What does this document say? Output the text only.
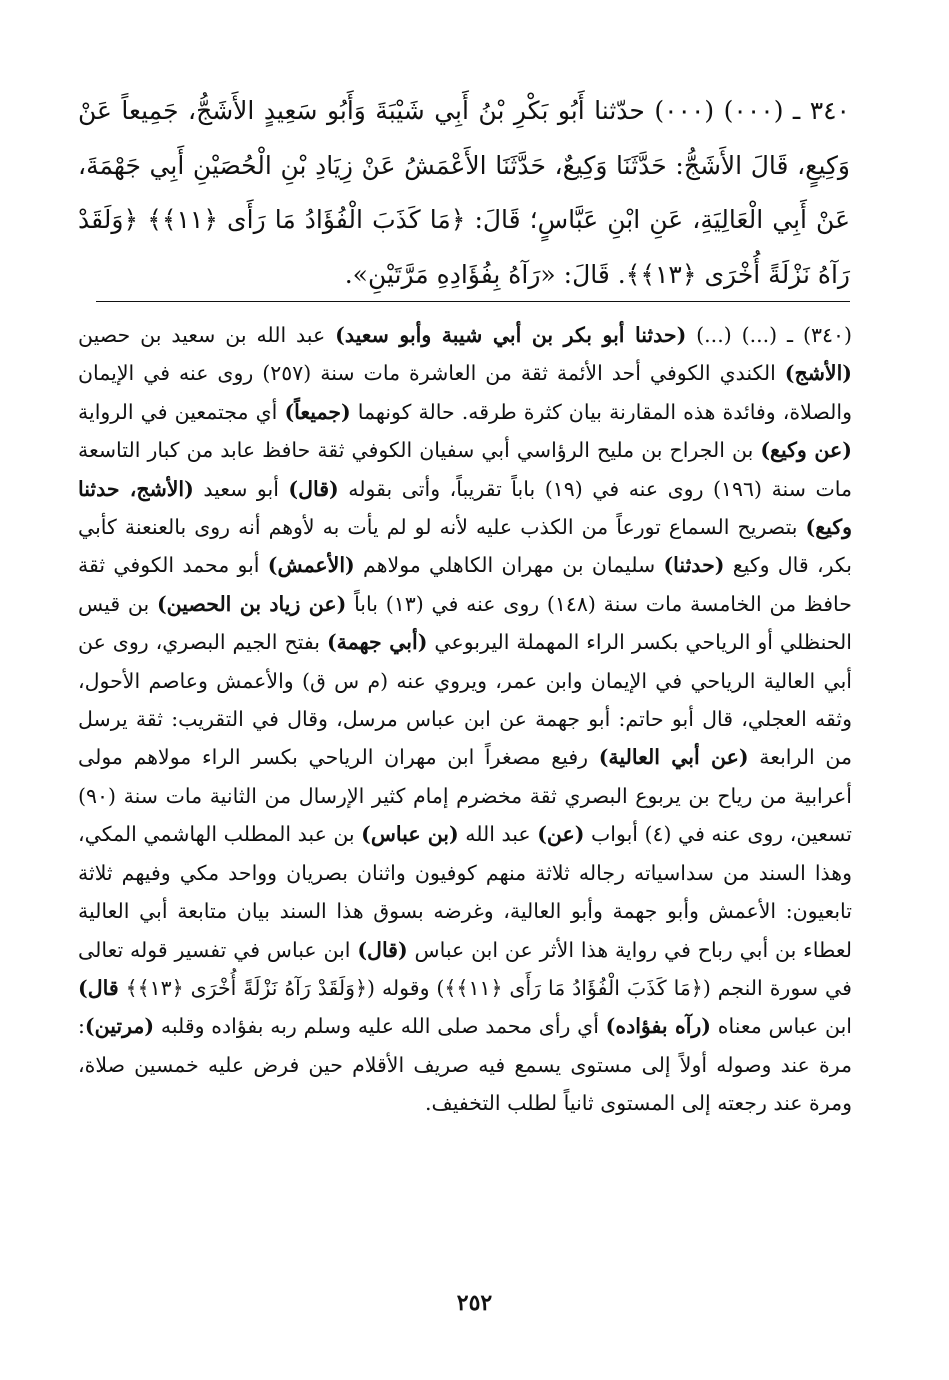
٣٤٠ ـ (٠٠٠) (٠٠٠) حدّثنا أَبُو بَكْرِ بْنُ أَبِي شَيْبَةَ وَأَبُو سَعِيدٍ الأَشَجُّ، جَمِيعاً عَنْ وَكِيعٍ، قَالَ الأَشَجُّ: حَدَّثَنَا وَكِيعٌ، حَدَّثَنَا الأَعْمَشُ عَنْ زِيَادِ بْنِ الْحُصَيْنِ أَبِي جَهْمَةَ، عَنْ أَبِي الْعَالِيَةِ، عَنِ ابْنِ عَبَّاسٍ؛ قَالَ: ﴿مَا كَذَبَ الْفُؤَادُ مَا رَأَى ﴿١١﴾﴾ ﴿وَلَقَدْ رَآهُ نَزْلَةً أُخْرَى ﴿١٣﴾﴾. قَالَ: «رَآهُ بِفُؤَادِهِ مَرَّتَيْنِ».

(٣٤٠) ـ (...) (...) (حدثنا أبو بكر بن أبي شيبة وأبو سعيد) عبد الله بن سعيد بن حصين (الأشج) الكندي الكوفي أحد الأئمة ثقة من العاشرة مات سنة (٢٥٧) روى عنه في الإيمان والصلاة، وفائدة هذه المقارنة بيان كثرة طرقه. حالة كونهما (جميعاً) أي مجتمعين في الرواية (عن وكيع) بن الجراح بن مليح الرؤاسي أبي سفيان الكوفي ثقة حافظ عابد من كبار التاسعة مات سنة (١٩٦) روى عنه في (١٩) باباً تقريباً، وأتى بقوله (قال) أبو سعيد (الأشج، حدثنا وكيع) بتصريح السماع تورعاً من الكذب عليه لأنه لو لم يأت به لأوهم أنه روى بالعنعنة كأبي بكر، قال وكيع (حدثنا) سليمان بن مهران الكاهلي مولاهم (الأعمش) أبو محمد الكوفي ثقة حافظ من الخامسة مات سنة (١٤٨) روى عنه في (١٣) باباً (عن زياد بن الحصين) بن قيس الحنظلي أو الرياحي بكسر الراء المهملة اليربوعي (أبي جهمة) بفتح الجيم البصري، روى عن أبي العالية الرياحي في الإيمان وابن عمر، ويروي عنه (م س ق) والأعمش وعاصم الأحول، وثقه العجلي، قال أبو حاتم: أبو جهمة عن ابن عباس مرسل، وقال في التقريب: ثقة يرسل من الرابعة (عن أبي العالية) رفيع مصغراً ابن مهران الرياحي بكسر الراء مولاهم مولى أعرابية من رياح بن يربوع البصري ثقة مخضرم إمام كثير الإرسال من الثانية مات سنة (٩٠) تسعين، روى عنه في (٤) أبواب (عن) عبد الله (بن عباس) بن عبد المطلب الهاشمي المكي، وهذا السند من سداسياته رجاله ثلاثة منهم كوفيون واثنان بصريان وواحد مكي وفيهم ثلاثة تابعيون: الأعمش وأبو جهمة وأبو العالية، وغرضه بسوق هذا السند بيان متابعة أبي العالية لعطاء بن أبي رباح في رواية هذا الأثر عن ابن عباس (قال) ابن عباس في تفسير قوله تعالى في سورة النجم (﴿مَا كَذَبَ الْفُؤَادُ مَا رَأَى ﴿١١﴾﴾) وقوله (﴿وَلَقَدْ رَآهُ نَزْلَةً أُخْرَى ﴿١٣﴾﴾ قال) ابن عباس معناه (رآه بفؤاده) أي رأى محمد صلى الله عليه وسلم ربه بفؤاده وقلبه (مرتين): مرة عند وصوله أولاً إلى مستوى يسمع فيه صريف الأقلام حين فرض عليه خمسين صلاة، ومرة عند رجعته إلى المستوى ثانياً لطلب التخفيف.

٢٥٢
